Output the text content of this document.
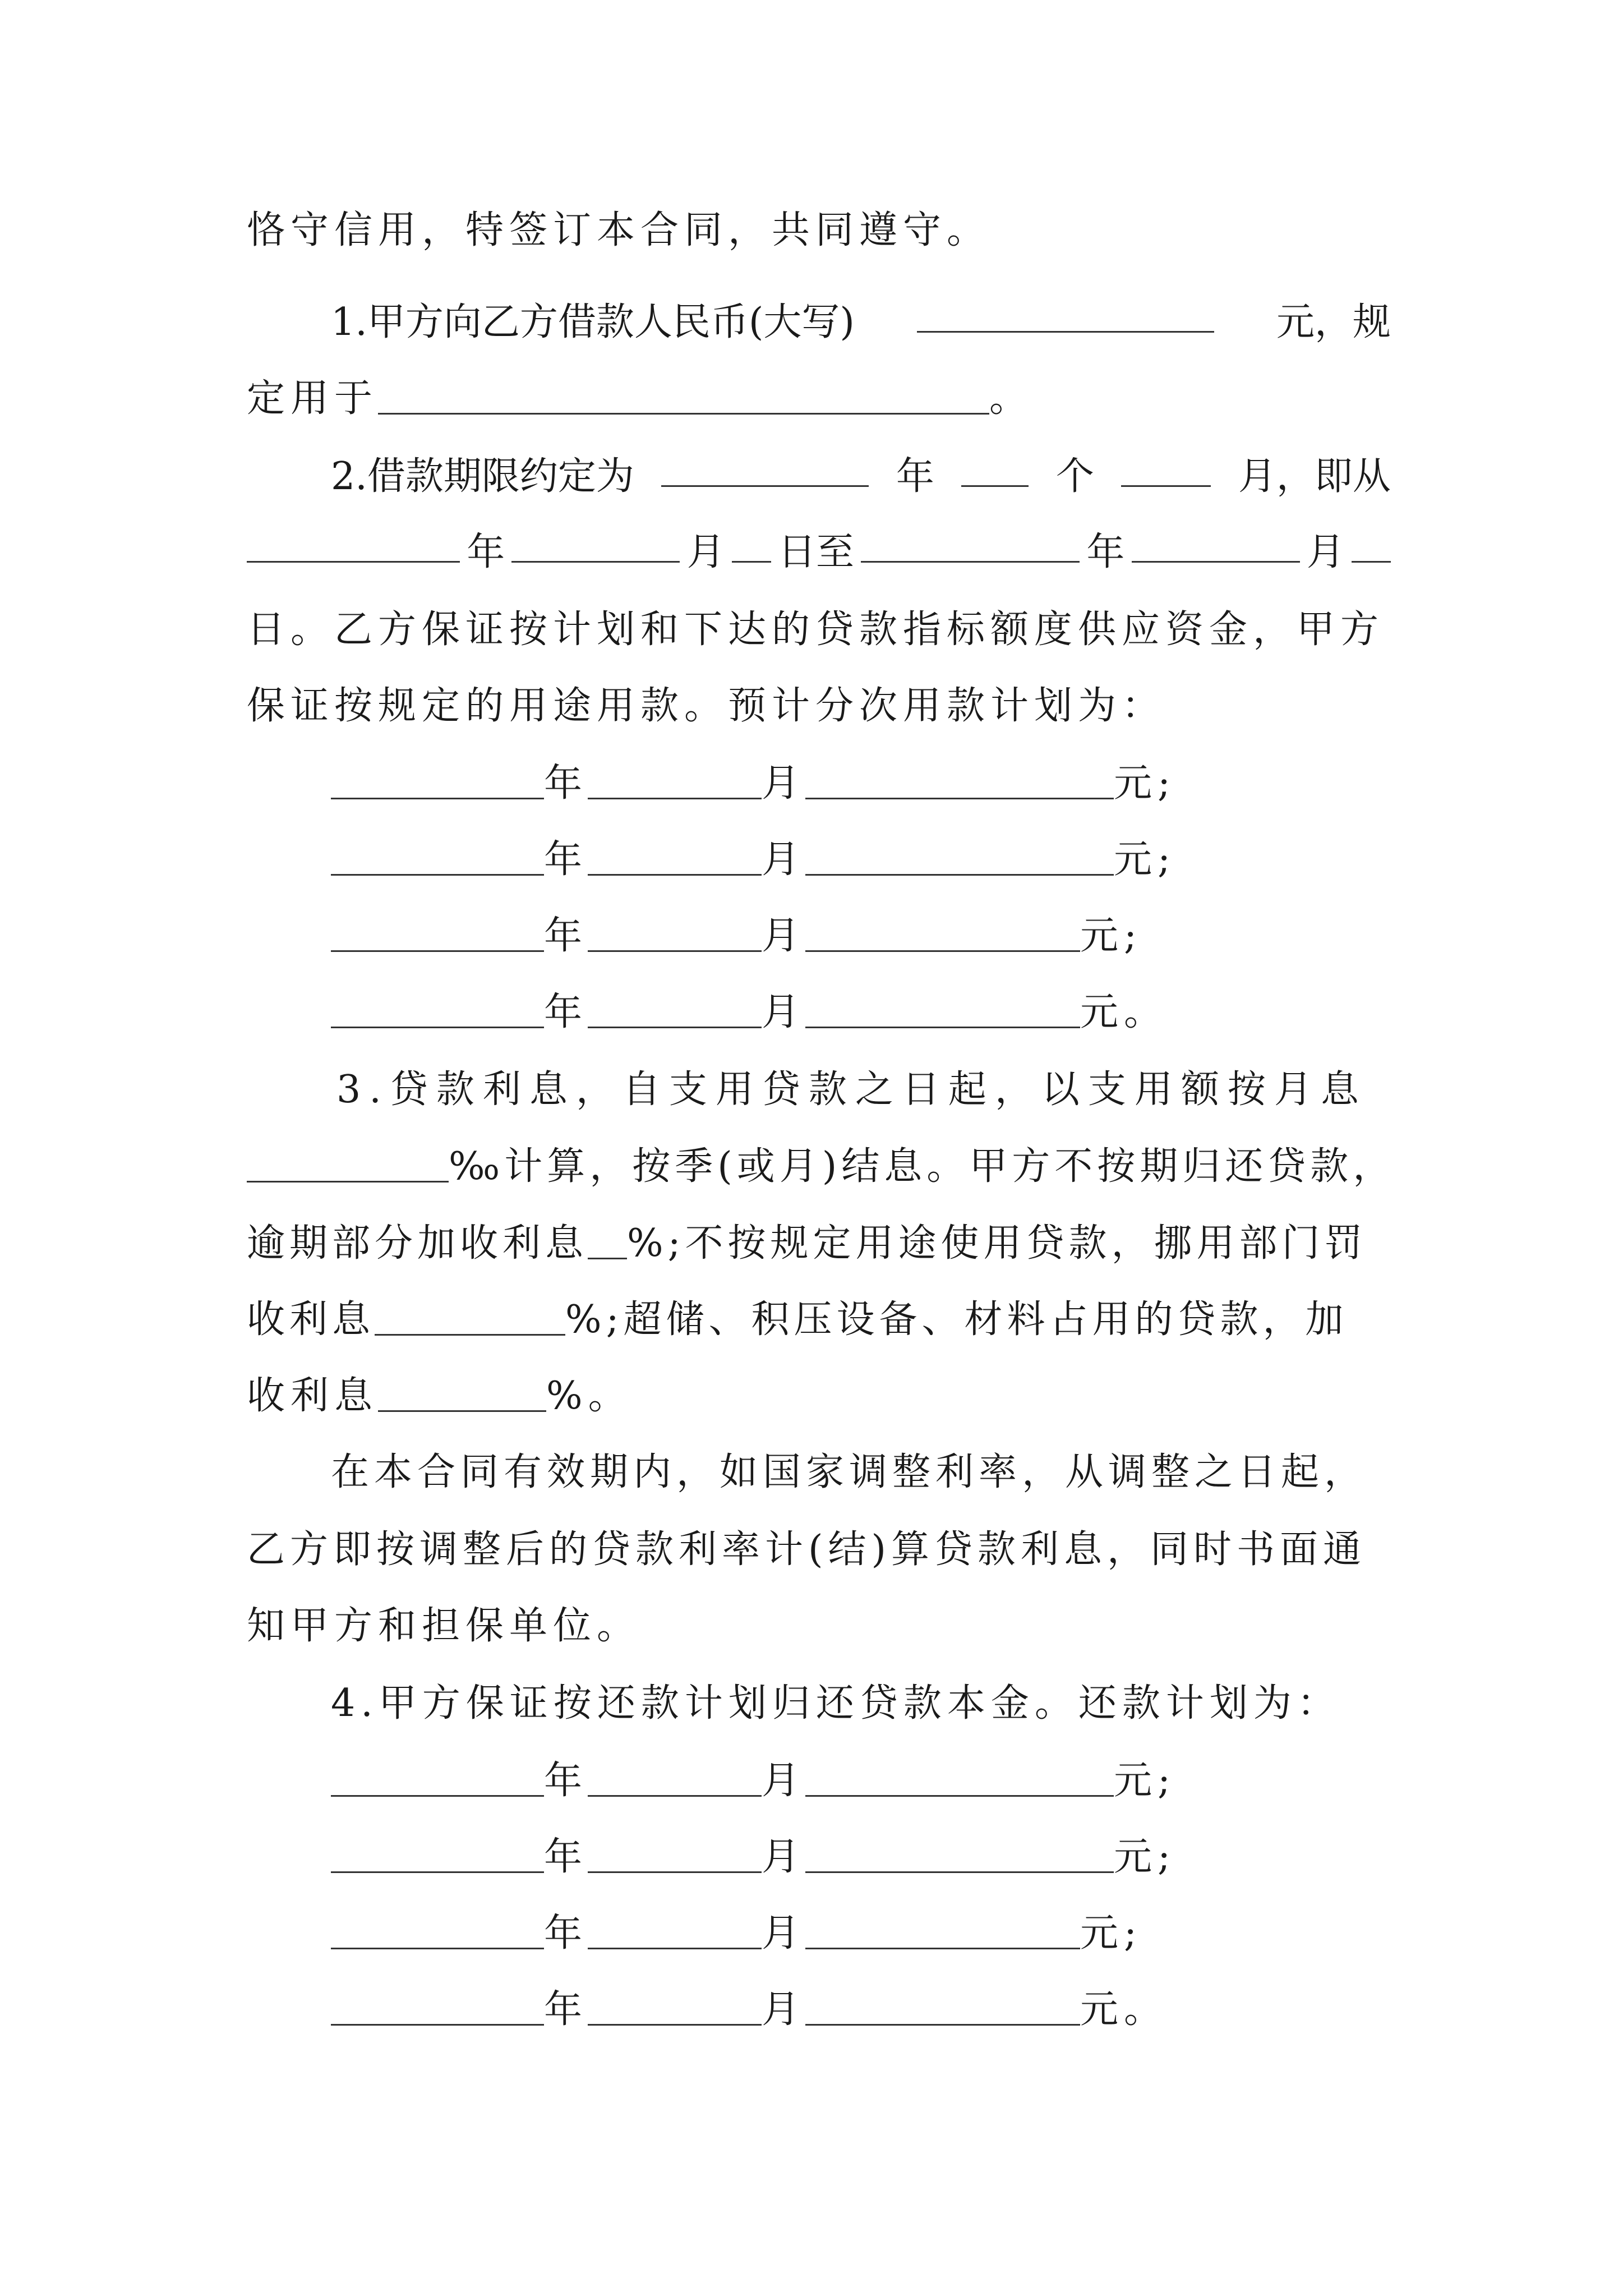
恪守信用，特签订本合同，共同遵守。
1.甲方向乙方借款人民币(大写)	元，规
定用于	。
2.借款期限约定为	年	个	月，即从
年	月 日至	年	月
日。乙方保证按计划和下达的贷款指标额度供应资金，甲方
保证按规定的用途用款。预计分次用款计划为：
年	月	元;
年	月	元;
年	月	元;
年	月	元。
3.贷款利息，自支用贷款之日起，以支用额按月息
‰计算，按季(或月)结息。甲方不按期归还贷款，
逾期部分加收利息 %;不按规定用途使用贷款，挪用部门罚
收利息	%;超储、积压设备、材料占用的贷款，加
收利息	%。
在本合同有效期内，如国家调整利率，从调整之日起，
乙方即按调整后的贷款利率计(结)算贷款利息，同时书面通
知甲方和担保单位。
4.甲方保证按还款计划归还贷款本金。还款计划为：
年	月	元;
年	月	元;
年	月	元;
年	月	元。
